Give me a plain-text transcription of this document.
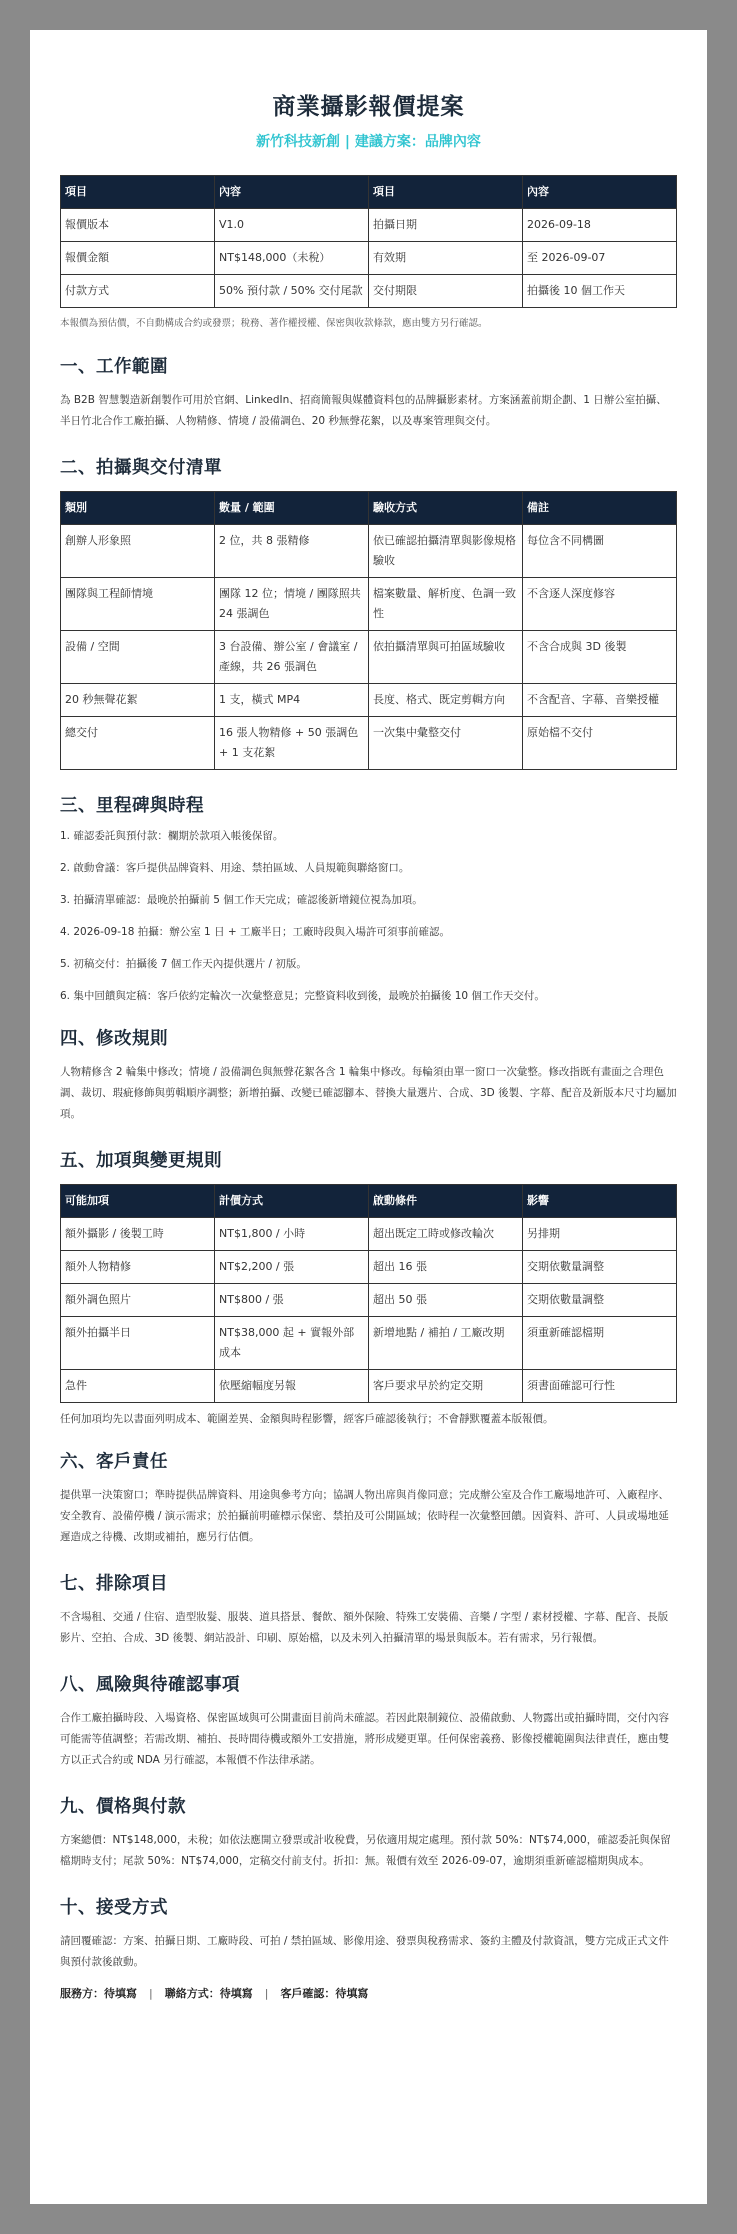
商業攝影報價提案
新竹科技新創 | 建議方案：品牌內容
項目	內容	項目	內容
報價版本	V1.0	拍攝日期	2026-09-18
報價金額	NT$148,000（未稅）	有效期	至 2026-09-07
付款方式	50% 預付款 / 50% 交付尾款	交付期限	拍攝後 10 個工作天
本報價為預估價，不自動構成合約或發票；稅務、著作權授權、保密與收款條款，應由雙方另行確認。
一、工作範圍

為 B2B 智慧製造新創製作可用於官網、LinkedIn、招商簡報與媒體資料包的品牌攝影素材。方案涵蓋前期企劃、1 日辦公室拍攝、半日竹北合作工廠拍攝、人物精修、情境 / 設備調色、20 秒無聲花絮，以及專案管理與交付。

二、拍攝與交付清單
類別	數量 / 範圍	驗收方式	備註
創辦人形象照	2 位，共 8 張精修	依已確認拍攝清單與影像規格驗收	每位含不同構圖
團隊與工程師情境	團隊 12 位；情境 / 團隊照共 24 張調色	檔案數量、解析度、色調一致性	不含逐人深度修容
設備 / 空間	3 台設備、辦公室 / 會議室 / 產線，共 26 張調色	依拍攝清單與可拍區域驗收	不含合成與 3D 後製
20 秒無聲花絮	1 支，橫式 MP4	長度、格式、既定剪輯方向	不含配音、字幕、音樂授權
總交付	16 張人物精修 + 50 張調色 + 1 支花絮	一次集中彙整交付	原始檔不交付
三、里程碑與時程
1. 確認委託與預付款：欄期於款項入帳後保留。
2. 啟動會議：客戶提供品牌資料、用途、禁拍區域、人員規範與聯絡窗口。
3. 拍攝清單確認：最晚於拍攝前 5 個工作天完成；確認後新增鏡位視為加項。
4. 2026-09-18 拍攝：辦公室 1 日 + 工廠半日；工廠時段與入場許可須事前確認。
5. 初稿交付：拍攝後 7 個工作天內提供選片 / 初版。
6. 集中回饋與定稿：客戶依約定輪次一次彙整意見；完整資料收到後，最晚於拍攝後 10 個工作天交付。
四、修改規則

人物精修含 2 輪集中修改；情境 / 設備調色與無聲花絮各含 1 輪集中修改。每輪須由單一窗口一次彙整。修改指既有畫面之合理色調、裁切、瑕疵修飾與剪輯順序調整；新增拍攝、改變已確認腳本、替換大量選片、合成、3D 後製、字幕、配音及新版本尺寸均屬加項。

五、加項與變更規則
可能加項	計價方式	啟動條件	影響
額外攝影 / 後製工時	NT$1,800 / 小時	超出既定工時或修改輪次	另排期
額外人物精修	NT$2,200 / 張	超出 16 張	交期依數量調整
額外調色照片	NT$800 / 張	超出 50 張	交期依數量調整
額外拍攝半日	NT$38,000 起 + 實報外部成本	新增地點 / 補拍 / 工廠改期	須重新確認檔期
急件	依壓縮幅度另報	客戶要求早於約定交期	須書面確認可行性
任何加項均先以書面列明成本、範圍差異、金額與時程影響，經客戶確認後執行；不會靜默覆蓋本版報價。
六、客戶責任

提供單一決策窗口；準時提供品牌資料、用途與參考方向；協調人物出席與肖像同意；完成辦公室及合作工廠場地許可、入廠程序、安全教育、設備停機 / 演示需求；於拍攝前明確標示保密、禁拍及可公開區域；依時程一次彙整回饋。因資料、許可、人員或場地延遲造成之待機、改期或補拍，應另行估價。

七、排除項目

不含場租、交通 / 住宿、造型妝髮、服裝、道具搭景、餐飲、額外保險、特殊工安裝備、音樂 / 字型 / 素材授權、字幕、配音、長版影片、空拍、合成、3D 後製、網站設計、印刷、原始檔，以及未列入拍攝清單的場景與版本。若有需求，另行報價。

八、風險與待確認事項

合作工廠拍攝時段、入場資格、保密區域與可公開畫面目前尚未確認。若因此限制鏡位、設備啟動、人物露出或拍攝時間，交付內容可能需等值調整；若需改期、補拍、長時間待機或額外工安措施，將形成變更單。任何保密義務、影像授權範圍與法律責任，應由雙方以正式合約或 NDA 另行確認，本報價不作法律承諾。

九、價格與付款

方案總價：NT$148,000，未稅；如依法應開立發票或計收稅費，另依適用規定處理。預付款 50%：NT$74,000，確認委託與保留檔期時支付；尾款 50%：NT$74,000，定稿交付前支付。折扣：無。報價有效至 2026-09-07，逾期須重新確認檔期與成本。

十、接受方式

請回覆確認：方案、拍攝日期、工廠時段、可拍 / 禁拍區域、影像用途、發票與稅務需求、簽約主體及付款資訊，雙方完成正式文件與預付款後啟動。

服務方：待填寫 | 聯絡方式：待填寫 | 客戶確認：待填寫
